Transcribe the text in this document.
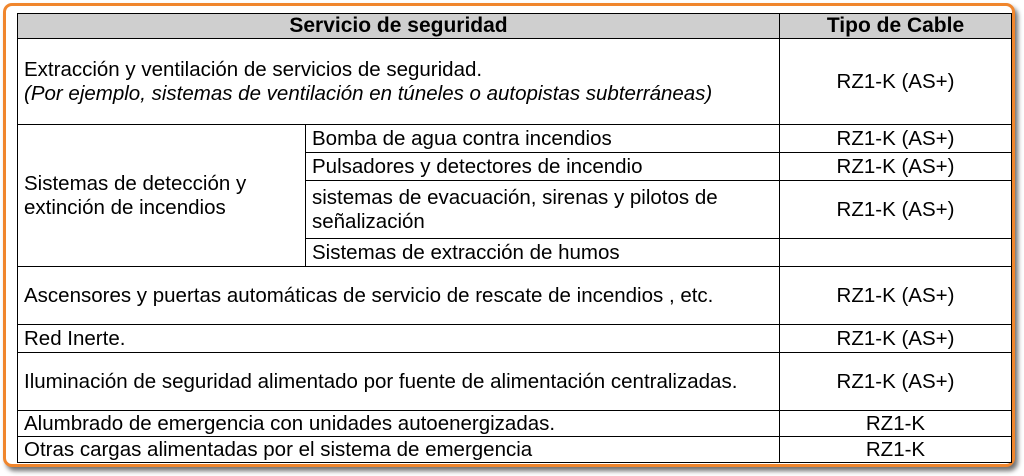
Servicio de seguridad		Tipo de Cable
Extracción y ventilación de servicios de seguridad.
(Por ejemplo, sistemas de ventilación en túneles o autopistas subterráneas)		RZ1-K (AS+)
Sistemas de detección y extinción de incendios	Bomba de agua contra incendios	RZ1-K (AS+)
	Pulsadores y detectores de incendio	RZ1-K (AS+)
	sistemas de evacuación, sirenas y pilotos de señalización	RZ1-K (AS+)
	Sistemas de extracción de humos	
Ascensores y puertas automáticas de servicio de rescate de incendios , etc.		RZ1-K (AS+)
Red Inerte.		RZ1-K (AS+)
Iluminación de seguridad alimentado por fuente de alimentación centralizadas.		RZ1-K (AS+)
Alumbrado de emergencia con unidades autoenergizadas.		RZ1-K
Otras cargas alimentadas por el sistema de emergencia		RZ1-K
